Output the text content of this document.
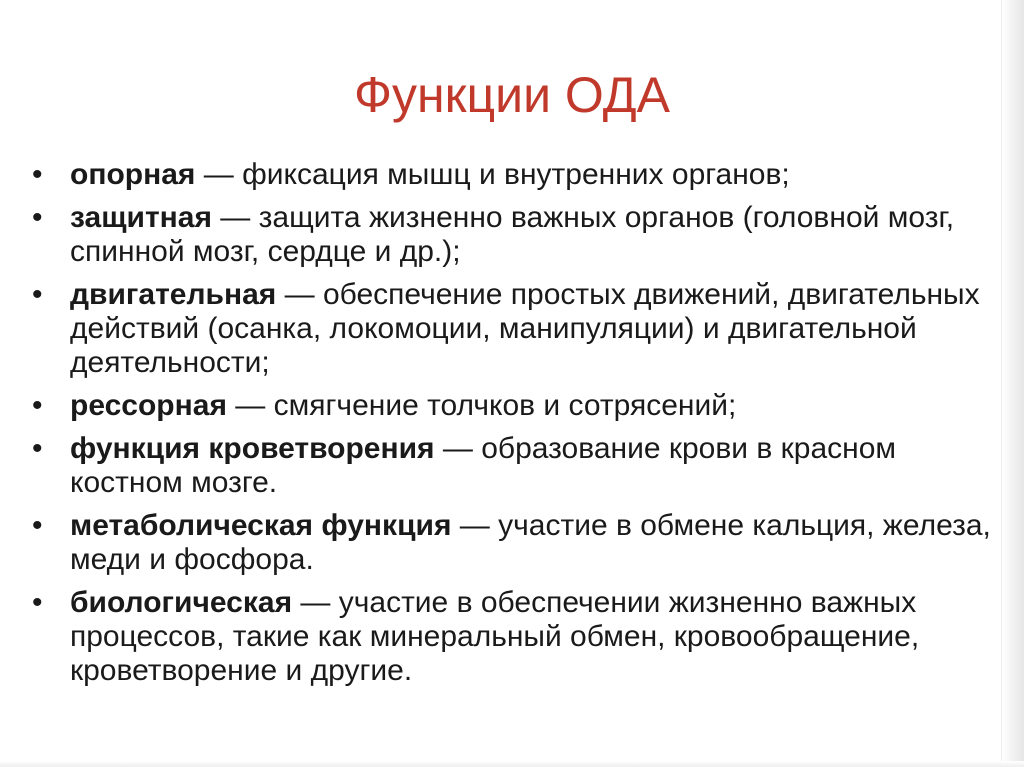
Функции ОДА
• опорная — фиксация мышц и внутренних органов;
• защитная — защита жизненно важных органов (головной мозг, спинной мозг, сердце и др.);
• двигательная — обеспечение простых движений, двигательных действий (осанка, локомоции, манипуляции) и двигательной деятельности;
• рессорная — смягчение толчков и сотрясений;
• функция кроветворения — образование крови в красном костном мозге.
• метаболическая функция — участие в обмене кальция, железа, меди и фосфора.
• биологическая — участие в обеспечении жизненно важных процессов, такие как минеральный обмен, кровообращение, кроветворение и другие.
